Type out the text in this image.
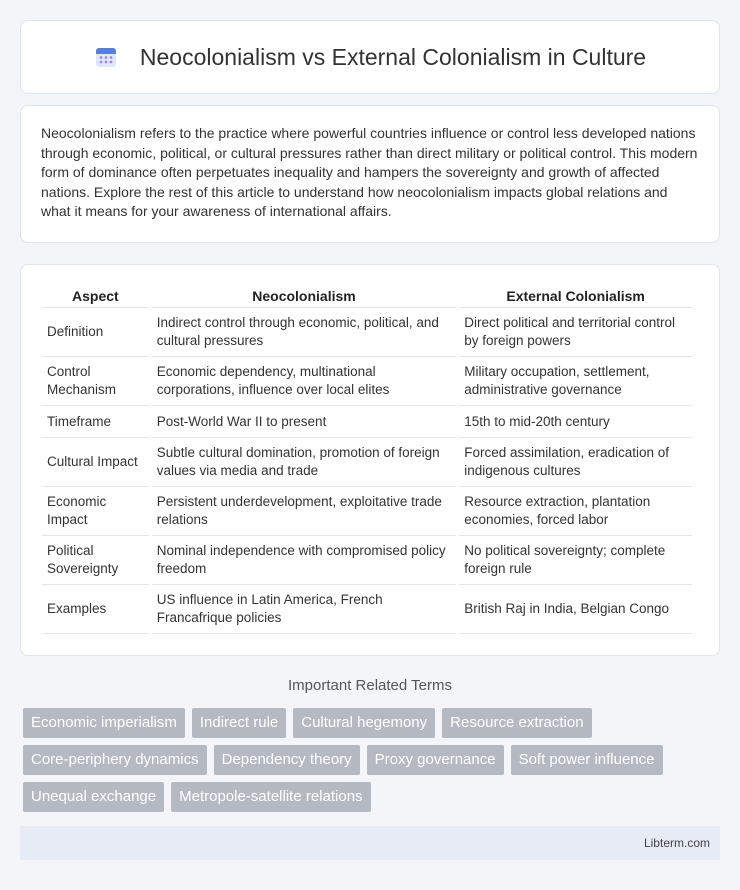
Neocolonialism vs External Colonialism in Culture

Neocolonialism refers to the practice where powerful countries influence or control less developed nations through economic, political, or cultural pressures rather than direct military or political control. This modern form of dominance often perpetuates inequality and hampers the sovereignty and growth of affected nations. Explore the rest of this article to understand how neocolonialism impacts global relations and what it means for your awareness of international affairs.

Aspect	Neocolonialism	External Colonialism
Definition	Indirect control through economic, political, and cultural pressures	Direct political and territorial control by foreign powers
Control Mechanism	Economic dependency, multinational corporations, influence over local elites	Military occupation, settlement, administrative governance
Timeframe	Post-World War II to present	15th to mid-20th century
Cultural Impact	Subtle cultural domination, promotion of foreign values via media and trade	Forced assimilation, eradication of indigenous cultures
Economic Impact	Persistent underdevelopment, exploitative trade relations	Resource extraction, plantation economies, forced labor
Political Sovereignty	Nominal independence with compromised policy freedom	No political sovereignty; complete foreign rule
Examples	US influence in Latin America, French Francafrique policies	British Raj in India, Belgian Congo
Important Related Terms
Economic imperialism	Indirect rule	Cultural hegemony	Resource extraction
Core-periphery dynamics	Dependency theory	Proxy governance	Soft power influence
Unequal exchange	Metropole-satellite relations
Libterm.com
